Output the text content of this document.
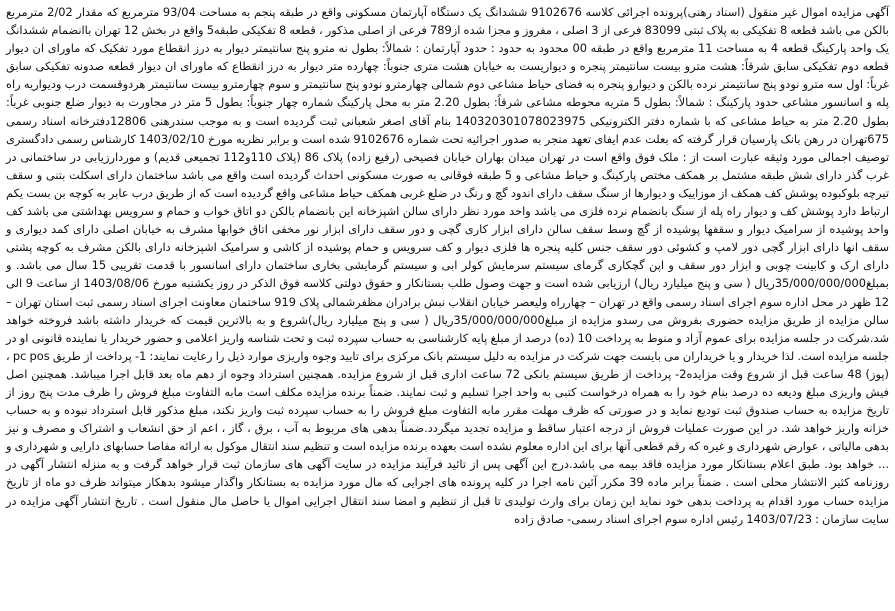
آگهی مزایده اموال غیر منقول (اسناد رهنی)پرونده اجرائی کلاسه 9102676 ششدانگ یک دستگاه آپارتمان مسکونی واقع در طبقه پنجم به مساحت 93/04 مترمربع که مقدار 2/02 مترمربع بالکن می باشد قطعه 8 تفکیکی به پلاک ثبتی 83099 فرعی از 3 اصلی ، مفروز و مجزا شده از789 فرعی از اصلی مذکور ، قطعه 8 تفکیکی طبقه5 واقع در بخش 12 تهران باانضمام ششدانگ یک واحد پارکینگ قطعه 4 به مساحت 11 مترمربع واقع در طبقه 00 محدود به حدود : حدود آپارتمان : شمالاً: بطول نه مترو پنج سانتیمتر دیوار به درز انقطاع مورد تفکیک که ماورای ان دیوار قطعه دوم تفکیکی سابق شرقاً: هشت مترو بیست سانتیمتر پنجره و دیواریست به خیابان هشت متری جنوباً: چهارده متر دیوار به درز انقطاع که ماورای ان دیوار قطعه ﺻﺪوﻧﻪ تفکیکی ﺳﺎﺑﻖ غرباً: اول سه مترو نودو پنج سانتیمتر نرده بالکن و دیوارو پنجره به فضای حیاط مشاعی دوم شمالی چهارمترو نودو پنج سانتیمتر و سوم چهارمترو بیست سانتیمتر هردوقسمت درب ودیواریه راه پله و اسانسور مشاعی حدود پارکینگ : شمالاً: بطول 5 متریه محوطه مشاعی شرقاً: بطول 2.20 متر به محل پارکینگ شماره چهار جنوباً: بطول 5 متر در مجاورت به دیوار ضلع جنوبی غرباً: بطول 2.20 متر به حیاط مشاعی که با شماره دفتر الکترونیکی 140320301078023975 بنام آقای اصغر شعبانی ثبت گردیده است و به موجب سندرهنی 12806دفترخانه اسناد رسمی 675تهران در رهن بانک پارسیان قرار گرفته که بعلت عدم ایفای تعهد منجر به صدور اجرائیه تحت شماره 9102676 شده است و برابر نظریه مورخ 1403/02/10 کارشناس رسمی دادگستری توصیف اجمالی مورد وثیقه عبارت است از : ملک فوق واقع است در تهران میدان بهاران خیابان فصیحی (رفیع زاده) پلاک 86 (پلاک 110و112 تجمیعی قدیم) و موردارزیابی در ساختمانی در غرب گذر دارای شش طبقه مشتمل بر همکف مختص پارکینگ و حیاط مشاعی و 5 طبقه فوقانی به صورت مسکونی احداث گردیده است واقع می باشد ساختمان دارای اسکلت بتنی و سقف تیرچه بلوکبوده پوشش کف همکف از موزاییک و دیوارها از سنگ سقف دارای اندود گچ و رنگ در ضلع غربی همکف حیاط مشاعی واقع گردیده است که از طریق درب عابر به کوچه بن بست یکم ارتباط دارد پوشش کف و دیوار راه پله از سنگ بانضمام نرده فلزی می باشد واحد مورد نظر دارای سالن اشپزخانه این بانضمام بالکن دو اتاق خواب و حمام و سرویس بهداشتی می باشد کف واحد پوشیده از سرامیک دیوار و سقفها پوشیده از گچ وسط سقف سالن دارای ابزار کاری گچی و دور سقف دارای ابزار نور مخفی اتاق خوابها مشرف به خیابان اصلی دارای کمد دیواری و سقف انها دارای ابزار گچی دور لامپ و کشوئی دور سقف جنس کلیه پنجره ها فلزی دیوار و کف سرویس و حمام پوشیده از کاشی و سرامیک اشپزخانه دارای بالکن مشرف به کوچه پشتی دارای ارک و کابینت چوبی و ابزار دور سقف و اپن گچکاری گرمای سیستم سرمایش کولر ابی و سیستم گرمایشی بخاری ساختمان دارای اسانسور با قدمت تقریبی 15 سال می باشد. و بمبلغ35/000/000/000ریال ( سی و پنج میلیارد ریال) ارزیابی شده است و جهت وصول طلب بستانکار و حقوق دولتی کلاسه فوق الذکر در روز یکشنبه مورخ 1403/08/06 از ساعت 9 الی 12 ظهر در محل اداره سوم اجرای اسناد رسمی واقع در تهران – چهارراه ولیعصر خیابان انقلاب نبش برادران مظفرشمالی پلاک 919 ساختمان معاونت اجرای اسناد رسمی ثبت استان تهران – سالن مزایده از طریق مزایده حضوری بفروش می رسدو مزایده از مبلغ35/000/000/000ریال ( سی و پنج میلیارد ریال)شروع و به بالاترین قیمت که خریدار داشته باشد فروخته خواهد شد.شرکت در جلسه مزایده برای عموم آزاد و منوط به پرداخت 10 (ده) درصد از مبلغ پایه کارشناسی به حساب سپرده ثبت و تحت شناسه واریز اعلامی و حضور خریدار یا نماینده قانونی او در جلسه مزایده است. لذا خریدار و یا خریداران می بایست جهت شرکت در مزایده به دلیل سیستم بانک مرکزی برای تایید وجوه واریزی موارد ذیل را رعایت نمایند: 1- پرداخت از طریق pc pos ، (پوز) 48 ساعت قبل از شروع وقت مزایده2- پرداخت از طریق سیستم بانکی 72 ساعت اداری قبل از شروع مزایده. همچنین استرداد وجوه از دهم ماه بعد قابل اجرا میباشد. همچنین اصل فیش واریزی مبلغ ودیعه ده درصد بنام خود را به همراه درخواست کتبی به واحد اجرا تسلیم و ثبت نمایند. ضمناً برنده مزایده مکلف است مابه التفاوت مبلغ فروش را ظرف مدت پنج روز از تاریخ مزایده به حساب صندوق ثبت تودیع نماید و در صورتی که ظرف مهلت مقرر مابه التفاوت مبلغ فروش را به حساب سپرده ثبت واریز نکند، مبلغ مذکور قابل استرداد نبوده و به حساب خزانه واریز خواهد شد. در این صورت عملیات فروش از درجه اعتبار ساقط و مزایده تجدید میگردد.ضمناً بدهی های مربوط به آب ، برق ، گاز ، اعم از حق انشعاب و اشتراک و مصرف و نیز بدهی مالیاتی ، عوارض شهرداری و غیره که رقم قطعی آنها برای این اداره معلوم نشده است بعهده برنده مزایده است و تنظیم سند انتقال موکول به ارائه مفاصا حسابهای دارایی و شهرداری و ... خواهد بود. طبق اعلام بستانکار مورد مزایده فاقد بیمه می باشد.درج این آگهی پس از تائید فرآیند مزایده در سایت آگهی های سازمان ثبت قرار خواهد گرفت و به منزله انتشار آگهی در روزنامه کثیر الانتشار محلی است . ضمناً برابر ماده 39 مکرر آئین نامه اجرا در کلیه پرونده های اجرایی که مال مورد مزایده به بستانکار واگذار میشود بدهکار میتواند ظرف دو ماه از تاریخ مزایده حساب مورد اقدام به پرداخت بدهی خود نماید این زمان برای وارث تولیدی تا قبل از تنظیم و امضا سند انتقال اجرایی اموال یا حاصل مال منقول است . تاریخ انتشار آگهی مزایده در سایت سازمان : 1403/07/23 رئیس اداره سوم اجرای اسناد رسمی- صادق زاده
